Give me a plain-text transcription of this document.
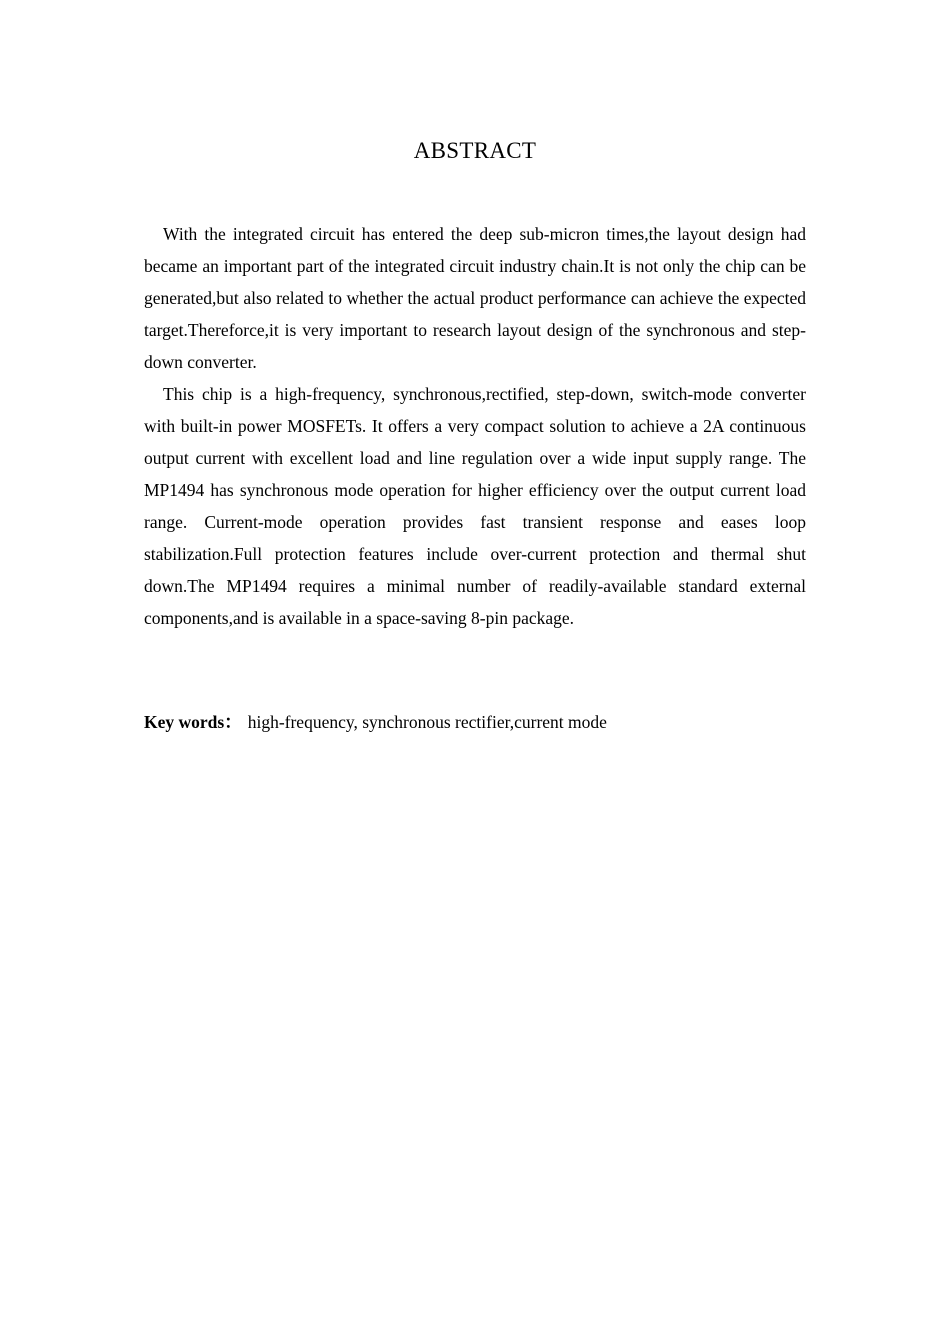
ABSTRACT

With the integrated circuit has entered the deep sub-micron times,the layout design had became an important part of the integrated circuit industry chain.It is not only the chip can be generated,but also related to whether the actual product performance can achieve the expected target.Thereforce,it is very important to research layout design of the synchronous and step-down converter.

This chip is a high-frequency, synchronous,rectified, step-down, switch-mode converter with built-in power MOSFETs. It offers a very compact solution to achieve a 2A continuous output current with excellent load and line regulation over a wide input supply range. The MP1494 has synchronous mode operation for higher efficiency over the output current load range. Current-mode operation provides fast transient response and eases loop stabilization.Full protection features include over-current protection and thermal shut down.The MP1494 requires a minimal number of readily-available standard external components,and is available in a space-saving 8-pin package.

Key words： high-frequency, synchronous rectifier,current mode
